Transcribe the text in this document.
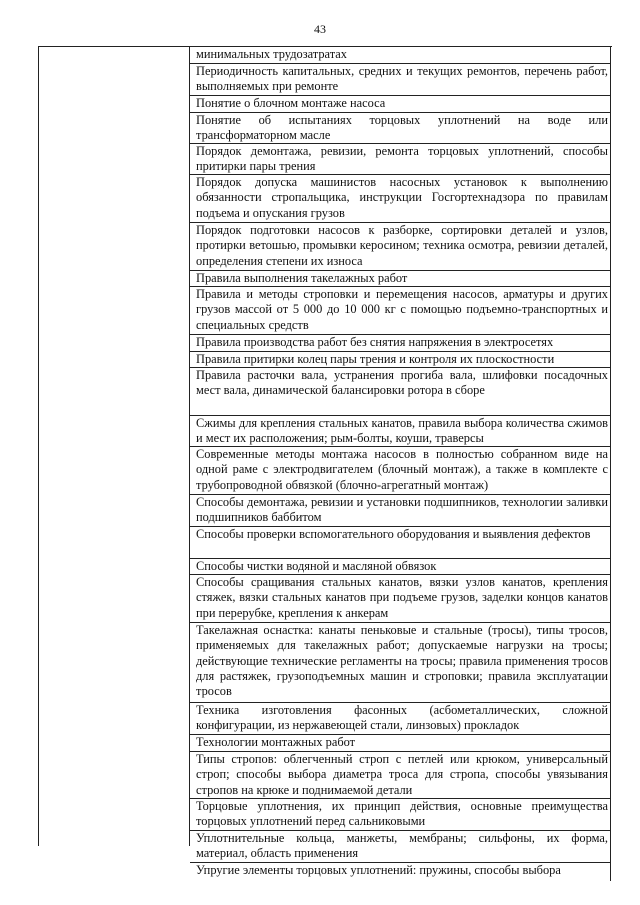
43
минимальных трудозатратах
Периодичность капитальных, средних и текущих ремонтов, перечень работ, выполняемых при ремонте
Понятие о блочном монтаже насоса
Понятие об испытаниях торцовых уплотнений на воде или трансформаторном масле
Порядок демонтажа, ревизии, ремонта торцовых уплотнений, способы притирки пары трения
Порядок допуска машинистов насосных установок к выполнению обязанности стропальщика, инструкции Госгортехнадзора по правилам подъема и опускания грузов
Порядок подготовки насосов к разборке, сортировки деталей и узлов, протирки ветошью, промывки керосином; техника осмотра, ревизии деталей, определения степени их износа
Правила выполнения такелажных работ
Правила и методы строповки и перемещения насосов, арматуры и других грузов массой от 5 000 до 10 000 кг с помощью подъемно-транспортных и специальных средств
Правила производства работ без снятия напряжения в электросетях
Правила притирки колец пары трения и контроля их плоскостности
Правила расточки вала, устранения прогиба вала, шлифовки посадочных мест вала, динамической балансировки ротора в сборе
Сжимы для крепления стальных канатов, правила выбора количества сжимов и мест их расположения; рым-болты, коуши, траверсы
Современные методы монтажа насосов в полностью собранном виде на одной раме с электродвигателем (блочный монтаж), а также в комплекте с трубопроводной обвязкой (блочно-агрегатный монтаж)
Способы демонтажа, ревизии и установки подшипников, технологии заливки подшипников баббитом
Способы проверки вспомогательного оборудования и выявления дефектов
Способы чистки водяной и масляной обвязок
Способы сращивания стальных канатов, вязки узлов канатов, крепления стяжек, вязки стальных канатов при подъеме грузов, заделки концов канатов при перерубке, крепления к анкерам
Такелажная оснастка: канаты пеньковые и стальные (тросы), типы тросов, применяемых для такелажных работ; допускаемые нагрузки на тросы; действующие технические регламенты на тросы; правила применения тросов для растяжек, грузоподъемных машин и строповки; правила эксплуатации тросов
Техника изготовления фасонных (асбометаллических, сложной конфигурации, из нержавеющей стали, линзовых) прокладок
Технологии монтажных работ
Типы стропов: облегченный строп с петлей или крюком, универсальный строп; способы выбора диаметра троса для стропа, способы увязывания стропов на крюке и поднимаемой детали
Торцовые уплотнения, их принцип действия, основные преимущества торцовых уплотнений перед сальниковыми
Уплотнительные кольца, манжеты, мембраны; сильфоны, их форма, материал, область применения
Упругие элементы торцовых уплотнений: пружины, способы выбора
